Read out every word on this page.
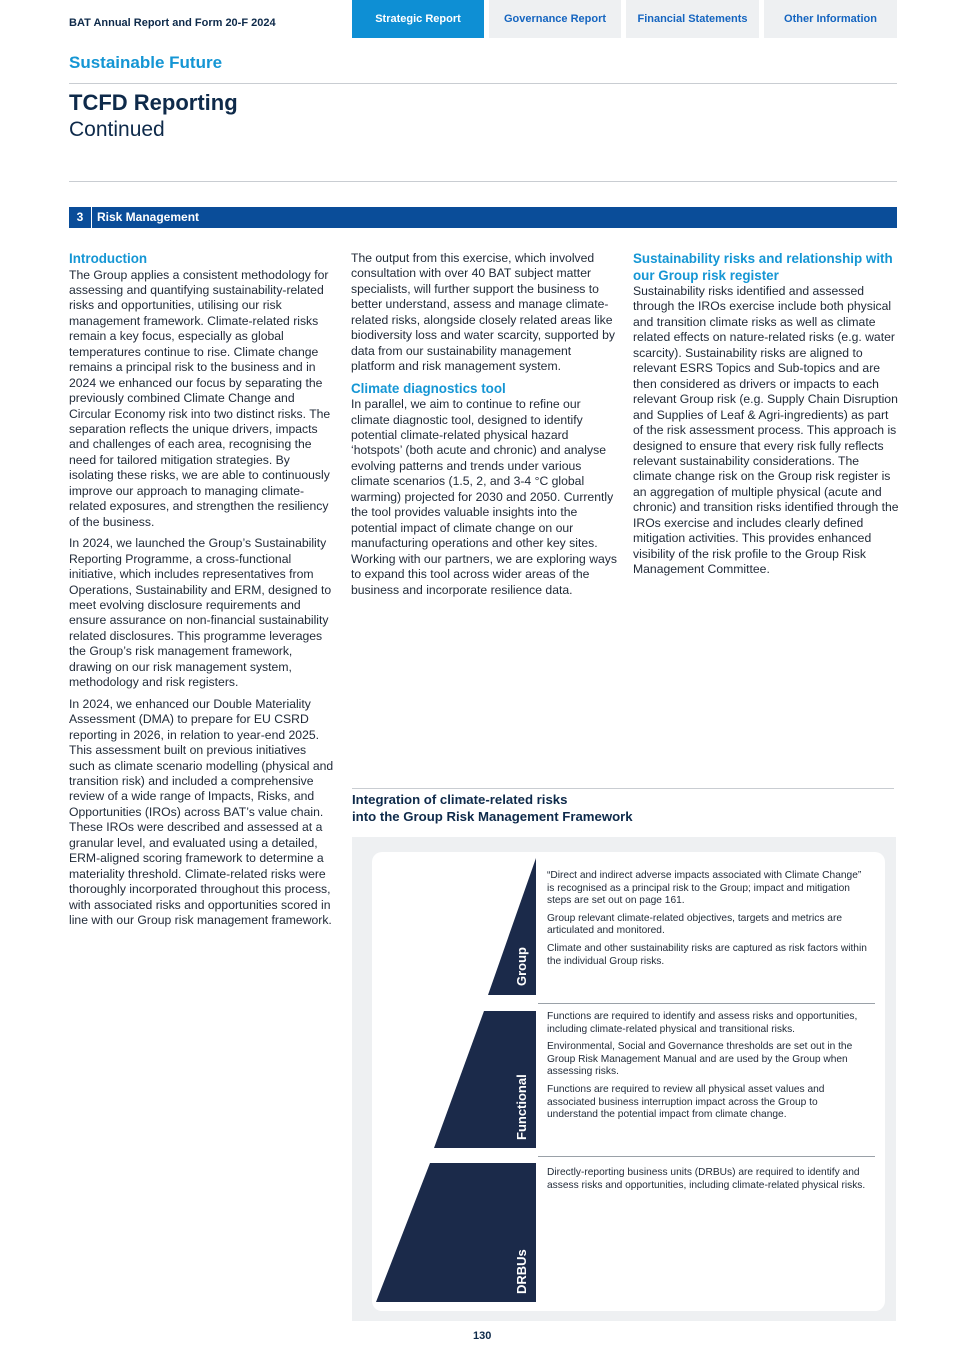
BAT Annual Report and Form 20-F 2024	Strategic Report	Governance Report	Financial Statements	Other Information
Sustainable Future
TCFD Reporting
Continued
3	Risk Management
Introduction

The Group applies a consistent methodology for assessing and quantifying sustainability-related risks and opportunities, utilising our risk management framework. Climate-related risks remain a key focus, especially as global temperatures continue to rise. Climate change remains a principal risk to the business and in 2024 we enhanced our focus by separating the previously combined Climate Change and Circular Economy risk into two distinct risks. The separation reflects the unique drivers, impacts and challenges of each area, recognising the need for tailored mitigation strategies. By isolating these risks, we are able to continuously improve our approach to managing climate-related exposures, and strengthen the resiliency of the business.

In 2024, we launched the Group’s Sustainability Reporting Programme, a cross-functional initiative, which includes representatives from Operations, Sustainability and ERM, designed to meet evolving disclosure requirements and ensure assurance on non-financial sustainability related disclosures. This programme leverages the Group’s risk management framework, drawing on our risk management system, methodology and risk registers.

In 2024, we enhanced our Double Materiality Assessment (DMA) to prepare for EU CSRD reporting in 2026, in relation to year-end 2025. This assessment built on previous initiatives such as climate scenario modelling (physical and transition risk) and included a comprehensive review of a wide range of Impacts, Risks, and Opportunities (IROs) across BAT’s value chain. These IROs were described and assessed at a granular level, and evaluated using a detailed, ERM-aligned scoring framework to determine a materiality threshold. Climate-related risks were thoroughly incorporated throughout this process, with associated risks and opportunities scored in line with our Group risk management framework.

The output from this exercise, which involved consultation with over 40 BAT subject matter specialists, will further support the business to better understand, assess and manage climate-related risks, alongside closely related areas like biodiversity loss and water scarcity, supported by data from our sustainability management platform and risk management system.

Climate diagnostics tool

In parallel, we aim to continue to refine our climate diagnostic tool, designed to identify potential climate-related physical hazard ‘hotspots’ (both acute and chronic) and analyse evolving patterns and trends under various climate scenarios (1.5, 2, and 3-4 °C global warming) projected for 2030 and 2050. Currently the tool provides valuable insights into the potential impact of climate change on our manufacturing operations and other key sites. Working with our partners, we are exploring ways to expand this tool across wider areas of the business and incorporate resilience data.

Sustainability risks and relationship with our Group risk register

Sustainability risks identified and assessed through the IROs exercise include both physical and transition climate risks as well as climate related effects on nature-related risks (e.g. water scarcity). Sustainability risks are aligned to relevant ESRS Topics and Sub-topics and are then considered as drivers or impacts to each relevant Group risk (e.g. Supply Chain Disruption and Supplies of Leaf & Agri-ingredients) as part of the risk assessment process. This approach is designed to ensure that every risk fully reflects relevant sustainability considerations. The climate change risk on the Group risk register is an aggregation of multiple physical (acute and chronic) and transition risks identified through the IROs exercise and includes clearly defined mitigation activities. This provides enhanced visibility of the risk profile to the Group Risk Management Committee.

Integration of climate-related risks
into the Group Risk Management Framework
Group
Functional
DRBUs

“Direct and indirect adverse impacts associated with Climate Change” is recognised as a principal risk to the Group; impact and mitigation steps are set out on page 161.

Group relevant climate-related objectives, targets and metrics are articulated and monitored.

Climate and other sustainability risks are captured as risk factors within the individual Group risks.

Functions are required to identify and assess risks and opportunities, including climate-related physical and transitional risks.

Environmental, Social and Governance thresholds are set out in the Group Risk Management Manual and are used by the Group when assessing risks.

Functions are required to review all physical asset values and associated business interruption impact across the Group to understand the potential impact from climate change.

Directly-reporting business units (DRBUs) are required to identify and assess risks and opportunities, including climate-related physical risks.

130
